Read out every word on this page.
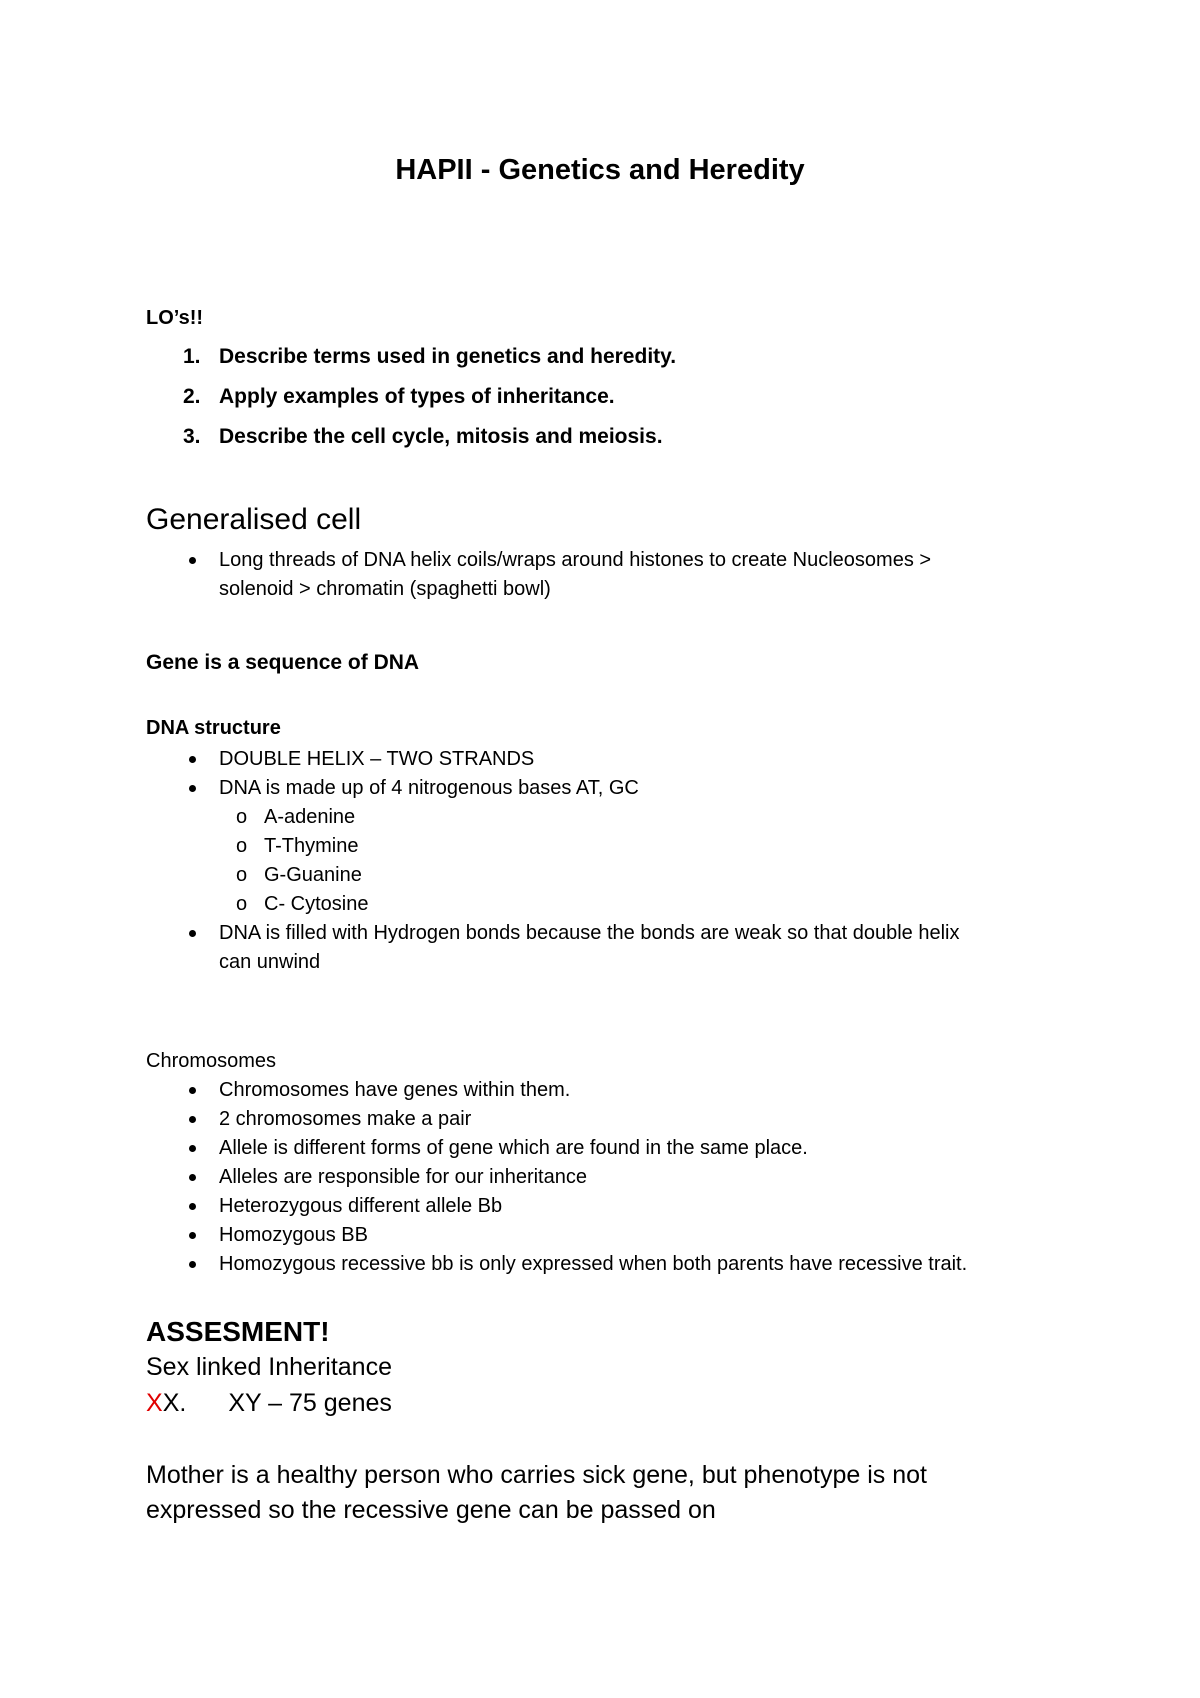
HAPII - Genetics and Heredity
LO’s!!
1. Describe terms used in genetics and heredity.
2. Apply examples of types of inheritance.
3. Describe the cell cycle, mitosis and meiosis.
Generalised cell
Long threads of DNA helix coils/wraps around histones to create Nucleosomes >
solenoid > chromatin (spaghetti bowl)
Gene is a sequence of DNA
DNA structure
DOUBLE HELIX – TWO STRANDS
DNA is made up of 4 nitrogenous bases AT, GC
o A-adenine
o T-Thymine
o G-Guanine
o C- Cytosine
DNA is filled with Hydrogen bonds because the bonds are weak so that double helix
can unwind
Chromosomes
Chromosomes have genes within them.
2 chromosomes make a pair
Allele is different forms of gene which are found in the same place.
Alleles are responsible for our inheritance
Heterozygous different allele Bb
Homozygous BB
Homozygous recessive bb is only expressed when both parents have recessive trait.
ASSESMENT!
Sex linked Inheritance
XX. XY – 75 genes
Mother is a healthy person who carries sick gene, but phenotype is not
expressed so the recessive gene can be passed on
